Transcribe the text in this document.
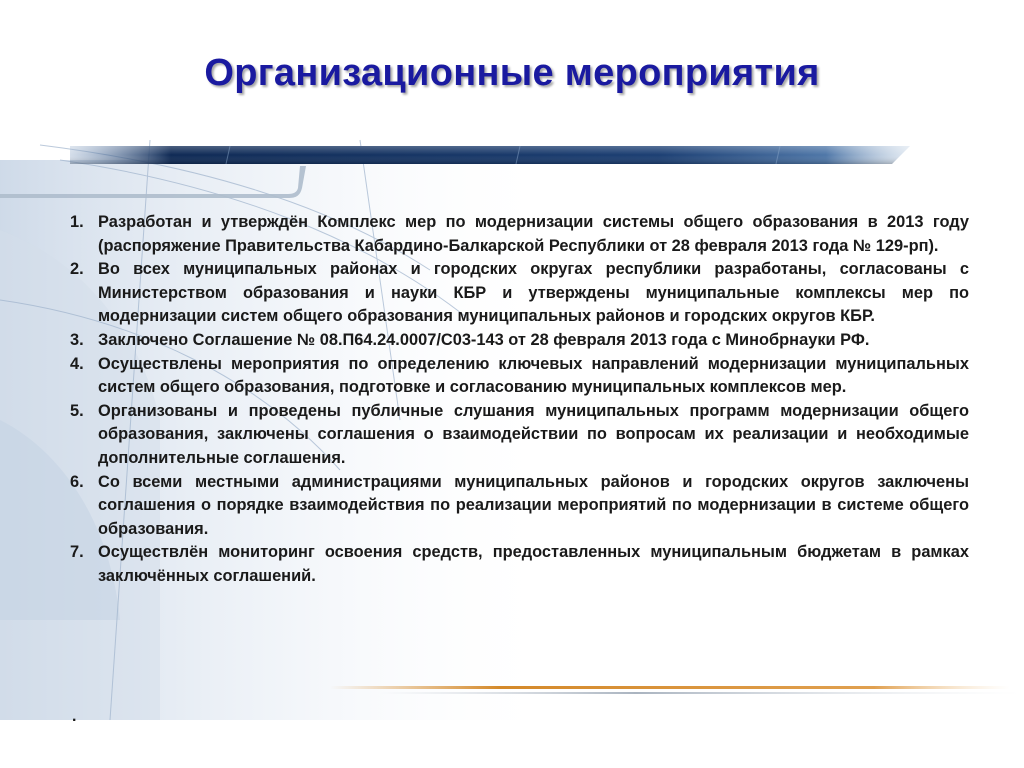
Организационные мероприятия
1. Разработан и утверждён Комплекс мер по модернизации системы общего образования в 2013 году (распоряжение Правительства Кабардино-Балкарской Республики от 28 февраля 2013 года № 129-рп).
2. Во всех муниципальных районах и городских округах республики разработаны, согласованы с Министерством образования и науки КБР и утверждены муниципальные комплексы мер по модернизации систем общего образования муниципальных районов и городских округов КБР.
3. Заключено Соглашение № 08.П64.24.0007/С03-143 от 28 февраля 2013 года с Минобрнауки РФ.
4. Осуществлены мероприятия по определению ключевых направлений модернизации муниципальных систем общего образования, подготовке и согласованию муниципальных комплексов мер.
5. Организованы и проведены публичные слушания муниципальных программ модернизации общего образования, заключены соглашения о взаимодействии по вопросам их реализации и необходимые дополнительные соглашения.
6. Со всеми местными администрациями муниципальных районов и городских округов заключены соглашения о порядке взаимодействия по реализации мероприятий по модернизации в системе общего образования.
7. Осуществлён мониторинг освоения средств, предоставленных муниципальным бюджетам в рамках заключённых соглашений.
.
